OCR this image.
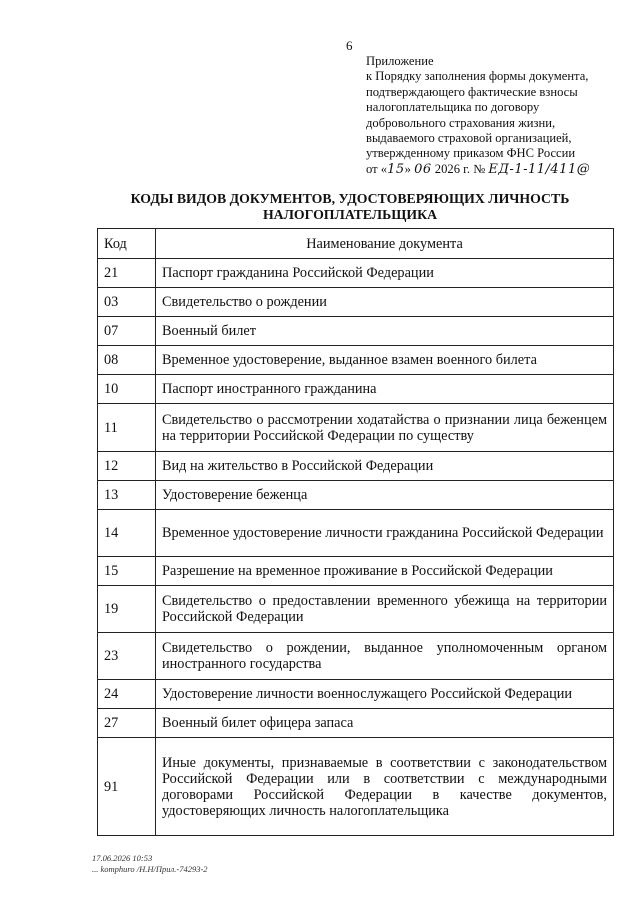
6
Приложение
к Порядку заполнения формы документа,
подтверждающего фактические взносы
налогоплательщика по договору
добровольного страхования жизни,
выдаваемого страховой организацией,
утвержденному приказом ФНС России
от «15» 06 2026 г. № ЕД-1-11/411@
КОДЫ ВИДОВ ДОКУМЕНТОВ, УДОСТОВЕРЯЮЩИХ ЛИЧНОСТЬ
НАЛОГОПЛАТЕЛЬЩИКА
Код	Наименование документа
21	Паспорт гражданина Российской Федерации
03	Свидетельство о рождении
07	Военный билет
08	Временное удостоверение, выданное взамен военного билета
10	Паспорт иностранного гражданина
11	Свидетельство о рассмотрении ходатайства о признании лица беженцем на территории Российской Федерации по существу
12	Вид на жительство в Российской Федерации
13	Удостоверение беженца
14	Временное удостоверение личности гражданина Российской Федерации
15	Разрешение на временное проживание в Российской Федерации
19	Свидетельство о предоставлении временного убежища на территории Российской Федерации
23	Свидетельство о рождении, выданное уполномоченным органом иностранного государства
24	Удостоверение личности военнослужащего Российской Федерации
27	Военный билет офицера запаса
91	Иные документы, признаваемые в соответствии с законодательством Российской Федерации или в соответствии с международными договорами Российской Федерации в качестве документов, удостоверяющих личность налогоплательщика
17.06.2026 10:53
... komphuro /Н.Н/Прил.-74293-2
